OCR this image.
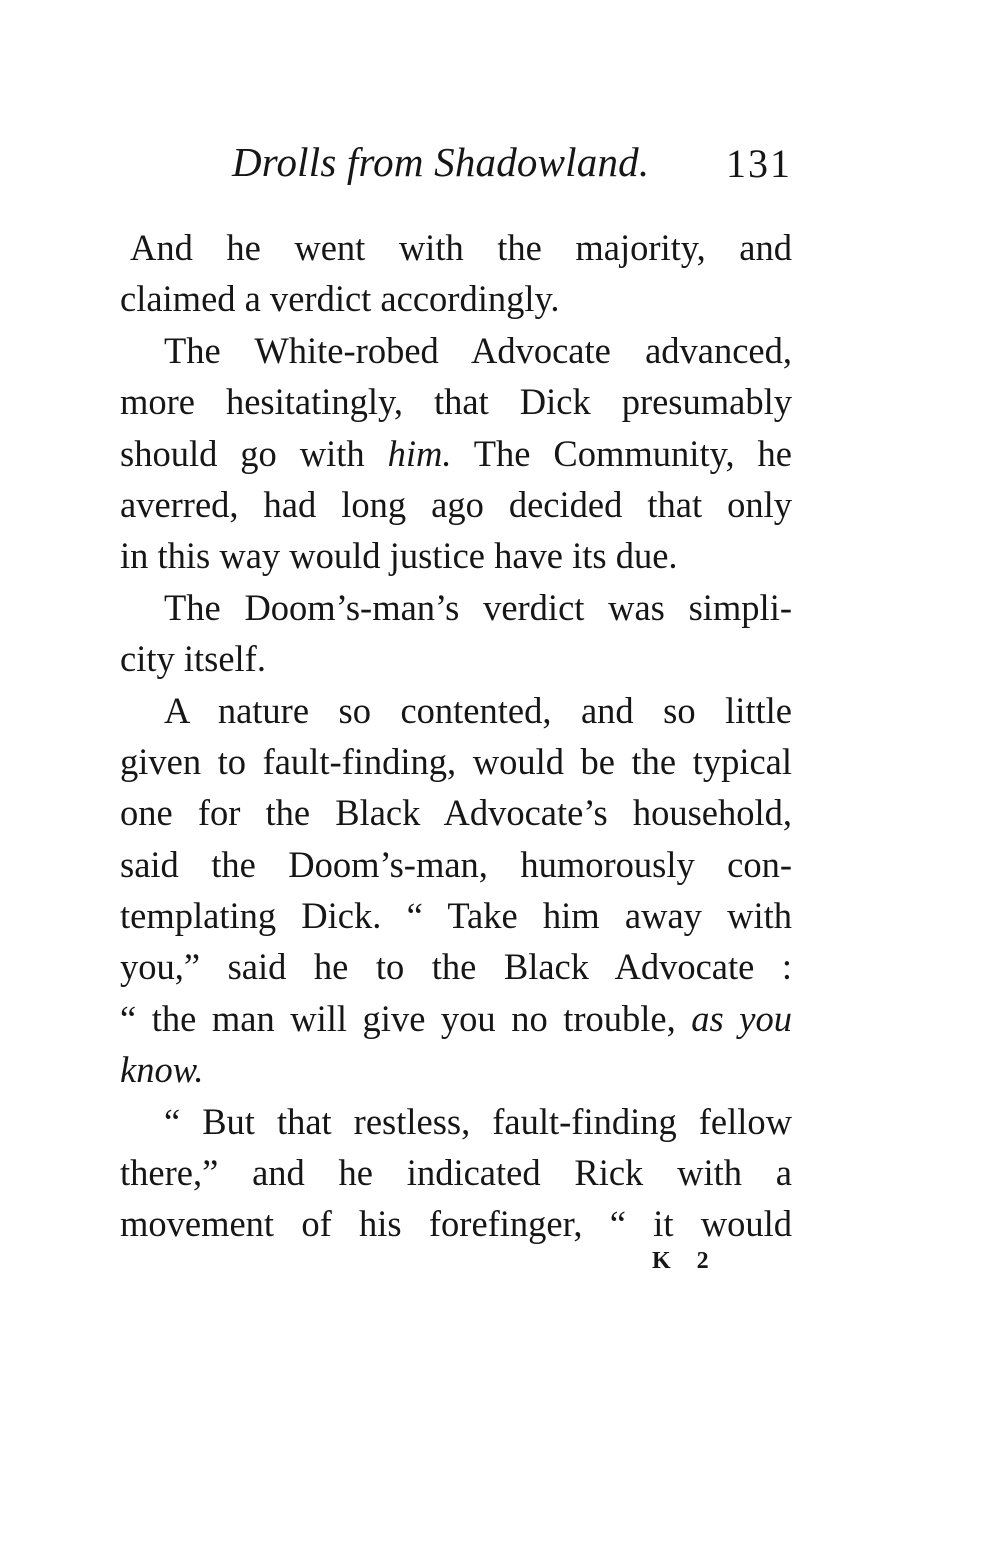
Drolls from Shadowland. 131
And he went with the majority, and
claimed a verdict accordingly.
The White-robed Advocate advanced,
more hesitatingly, that Dick presumably
should go with him. The Community, he
averred, had long ago decided that only
in this way would justice have its due.
The Doom’s-man’s verdict was simpli-
city itself.
A nature so contented, and so little
given to fault-finding, would be the typical
one for the Black Advocate’s household,
said the Doom’s-man, humorously con-
templating Dick. “ Take him away with
you,” said he to the Black Advocate :
“ the man will give you no trouble, as you
know.
“ But that restless, fault-finding fellow
there,” and he indicated Rick with a
movement of his forefinger, “ it would
K 2
